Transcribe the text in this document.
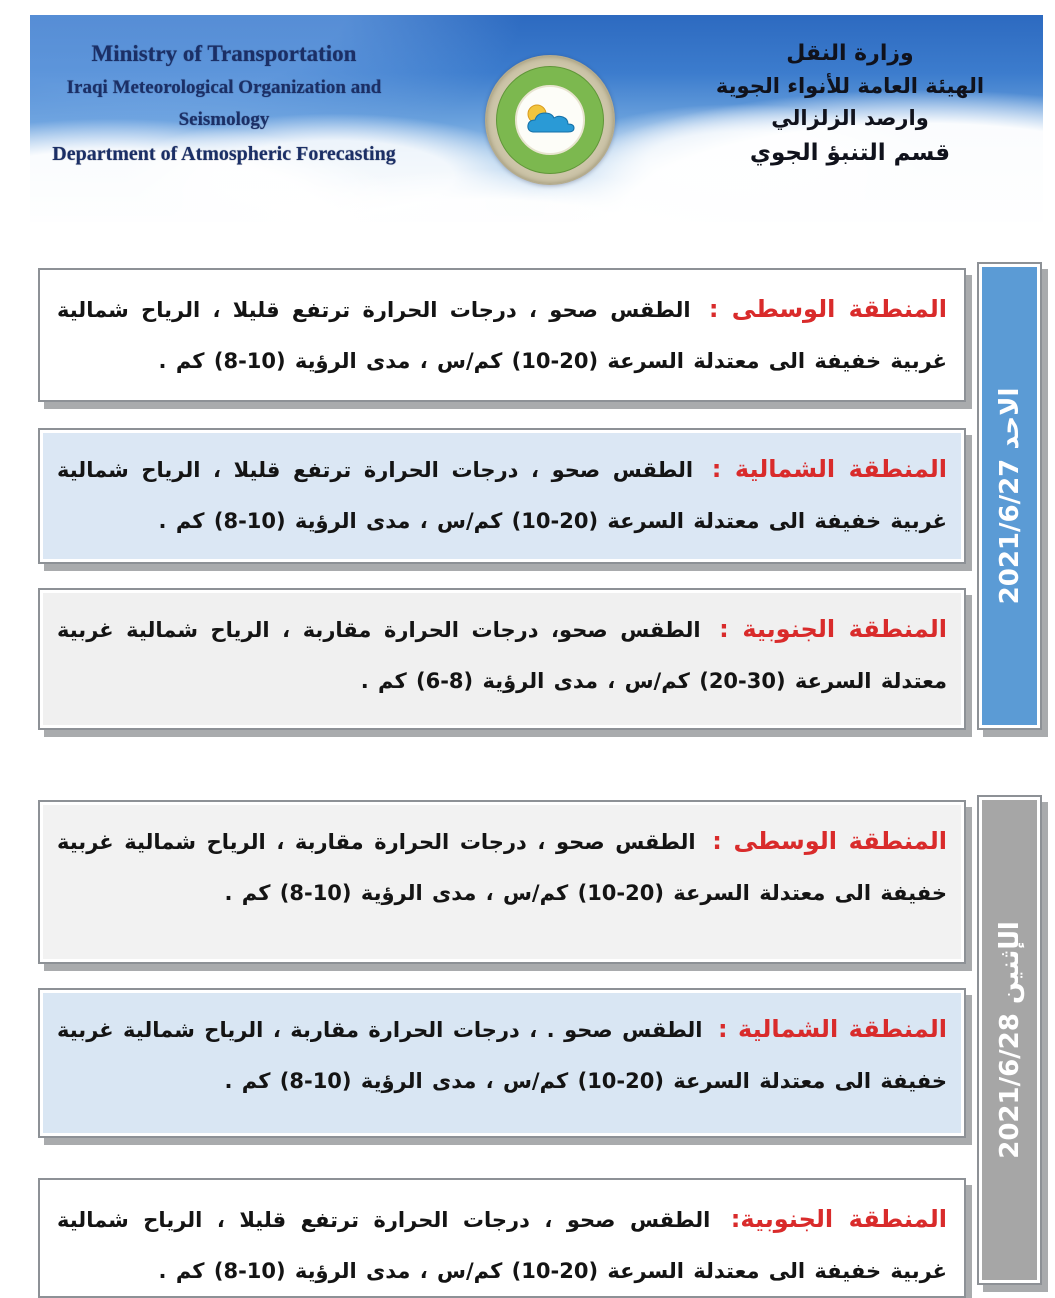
Ministry of Transportation
Iraqi Meteorological Organization and Seismology
Department of Atmospheric Forecasting
وزارة النقل
الهيئة العامة للأنواء الجوية وارصد الزلزالي
قسم التنبؤ الجوي
المنطقة الوسطى : الطقس صحو ، درجات الحرارة ترتفع قليلا ، الرياح شمالية غربية خفيفة الى معتدلة السرعة (20-10) كم/س ، مدى الرؤية (10-8) كم .
المنطقة الشمالية : الطقس صحو ، درجات الحرارة ترتفع قليلا ، الرياح شمالية غربية خفيفة الى معتدلة السرعة (20-10) كم/س ، مدى الرؤية (10-8) كم .
المنطقة الجنوبية : الطقس صحو، درجات الحرارة مقاربة ، الرياح شمالية غربية معتدلة السرعة (30-20) كم/س ، مدى الرؤية (8-6) كم .
الاحد 2021/6/27
المنطقة الوسطى : الطقس صحو ، درجات الحرارة مقاربة ، الرياح شمالية غربية خفيفة الى معتدلة السرعة (20-10) كم/س ، مدى الرؤية (10-8) كم .
المنطقة الشمالية : الطقس صحو . ، درجات الحرارة مقاربة ، الرياح شمالية غربية خفيفة الى معتدلة السرعة (20-10) كم/س ، مدى الرؤية (10-8) كم .
المنطقة الجنوبية: الطقس صحو ، درجات الحرارة ترتفع قليلا ، الرياح شمالية غربية خفيفة الى معتدلة السرعة (20-10) كم/س ، مدى الرؤية (10-8) كم .
الإثنين 2021/6/28
